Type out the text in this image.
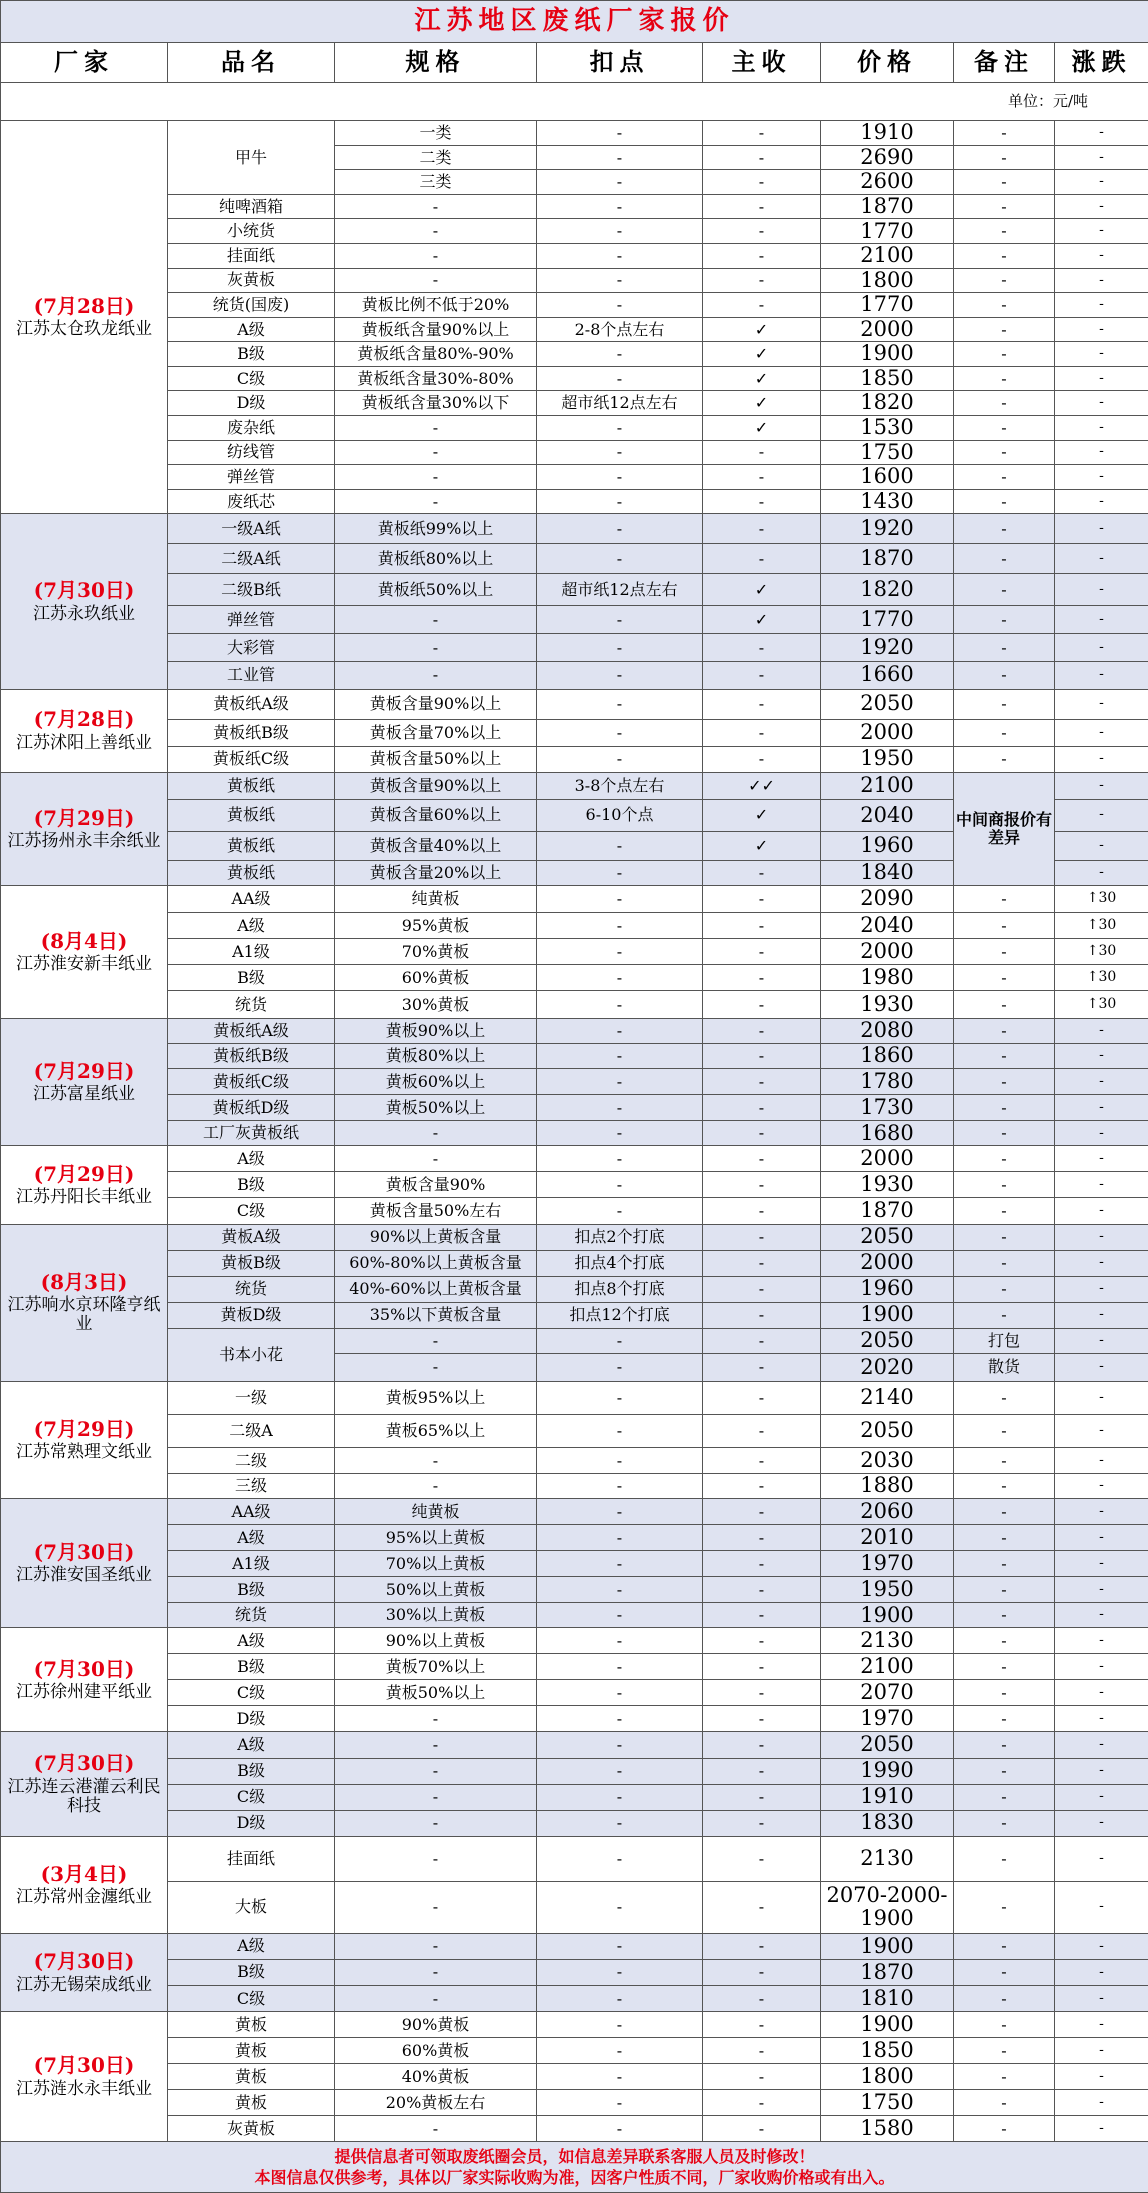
江苏地区废纸厂家报价							
厂家	品名	规格	扣点	主收	价格	备注	涨跌
单位：元/吨							

(7月28日)
江苏太仓玖龙纸业	甲牛	一类	-	-	1910	-	-
		二类	-	-	2690	-	-
		三类	-	-	2600	-	-
	纯啤酒箱	-	-	-	1870	-	-
	小统货	-	-	-	1770	-	-
	挂面纸	-	-	-	2100	-	-
	灰黄板	-	-	-	1800	-	-
	统货(国废)	黄板比例不低于20%	-	-	1770	-	-
	A级	黄板纸含量90%以上	2-8个点左右	✓	2000	-	-
	B级	黄板纸含量80%-90%	-	✓	1900	-	-
	C级	黄板纸含量30%-80%	-	✓	1850	-	-
	D级	黄板纸含量30%以下	超市纸12点左右	✓	1820	-	-
	废杂纸	-	-	✓	1530	-	-
	纺线管	-	-	-	1750	-	-
	弹丝管	-	-	-	1600	-	-
	废纸芯	-	-	-	1430	-	-

(7月30日)
江苏永玖纸业	一级A纸	黄板纸99%以上	-	-	1920	-	-
	二级A纸	黄板纸80%以上	-	-	1870	-	-
	二级B纸	黄板纸50%以上	超市纸12点左右	✓	1820	-	-
	弹丝管	-	-	✓	1770	-	-
	大彩管	-	-	-	1920	-	-
	工业管	-	-	-	1660	-	-

(7月28日)
江苏沭阳上善纸业	黄板纸A级	黄板含量90%以上	-	-	2050	-	-
	黄板纸B级	黄板含量70%以上	-	-	2000	-	-
	黄板纸C级	黄板含量50%以上	-	-	1950	-	-

(7月29日)
江苏扬州永丰余纸业	黄板纸	黄板含量90%以上	3-8个点左右	✓✓	2100	中间商报价有差异	-
	黄板纸	黄板含量60%以上	6-10个点	✓	2040		-
	黄板纸	黄板含量40%以上	-	✓	1960		-
	黄板纸	黄板含量20%以上	-	-	1840		-

(8月4日)
江苏淮安新丰纸业	AA级	纯黄板	-	-	2090	-	↑30
	A级	95%黄板	-	-	2040	-	↑30
	A1级	70%黄板	-	-	2000	-	↑30
	B级	60%黄板	-	-	1980	-	↑30
	统货	30%黄板	-	-	1930	-	↑30

(7月29日)
江苏富星纸业	黄板纸A级	黄板90%以上	-	-	2080	-	-
	黄板纸B级	黄板80%以上	-	-	1860	-	-
	黄板纸C级	黄板60%以上	-	-	1780	-	-
	黄板纸D级	黄板50%以上	-	-	1730	-	-
	工厂灰黄板纸	-	-	-	1680	-	-

(7月29日)
江苏丹阳长丰纸业	A级	-	-	-	2000	-	-
	B级	黄板含量90%	-	-	1930	-	-
	C级	黄板含量50%左右	-	-	1870	-	-

(8月3日)
江苏响水京环隆亨纸业	黄板A级	90%以上黄板含量	扣点2个打底	-	2050	-	-
	黄板B级	60%-80%以上黄板含量	扣点4个打底	-	2000	-	-
	统货	40%-60%以上黄板含量	扣点8个打底	-	1960	-	-
	黄板D级	35%以下黄板含量	扣点12个打底	-	1900	-	-
	书本小花	-	-	-	2050	打包	-
		-	-	-	2020	散货	-

(7月29日)
江苏常熟理文纸业	一级	黄板95%以上	-	-	2140	-	-
	二级A	黄板65%以上	-	-	2050	-	-
	二级	-	-	-	2030	-	-
	三级	-	-	-	1880	-	-

(7月30日)
江苏淮安国圣纸业	AA级	纯黄板	-	-	2060	-	-
	A级	95%以上黄板	-	-	2010	-	-
	A1级	70%以上黄板	-	-	1970	-	-
	B级	50%以上黄板	-	-	1950	-	-
	统货	30%以上黄板	-	-	1900	-	-

(7月30日)
江苏徐州建平纸业	A级	90%以上黄板	-	-	2130	-	-
	B级	黄板70%以上	-	-	2100	-	-
	C级	黄板50%以上	-	-	2070	-	-
	D级	-	-	-	1970	-	-

(7月30日)
江苏连云港灌云利民科技	A级	-	-	-	2050	-	-
	B级	-	-	-	1990	-	-
	C级	-	-	-	1910	-	-
	D级	-	-	-	1830	-	-

(3月4日)
江苏常州金瀍纸业	挂面纸	-	-	-	2130	-	-
	大板	-	-	-	2070-2000-1900	-	-

(7月30日)
江苏无锡荣成纸业	A级	-	-	-	1900	-	-
	B级	-	-	-	1870	-	-
	C级	-	-	-	1810	-	-

(7月30日)
江苏涟水永丰纸业	黄板	90%黄板	-	-	1900	-	-
	黄板	60%黄板	-	-	1850	-	-
	黄板	40%黄板	-	-	1800	-	-
	黄板	20%黄板左右	-	-	1750	-	-
	灰黄板	-	-	-	1580	-	-

提供信息者可领取废纸圈会员，如信息差异联系客服人员及时修改！
本图信息仅供参考，具体以厂家实际收购为准，因客户性质不同，厂家收购价格或有出入。							
